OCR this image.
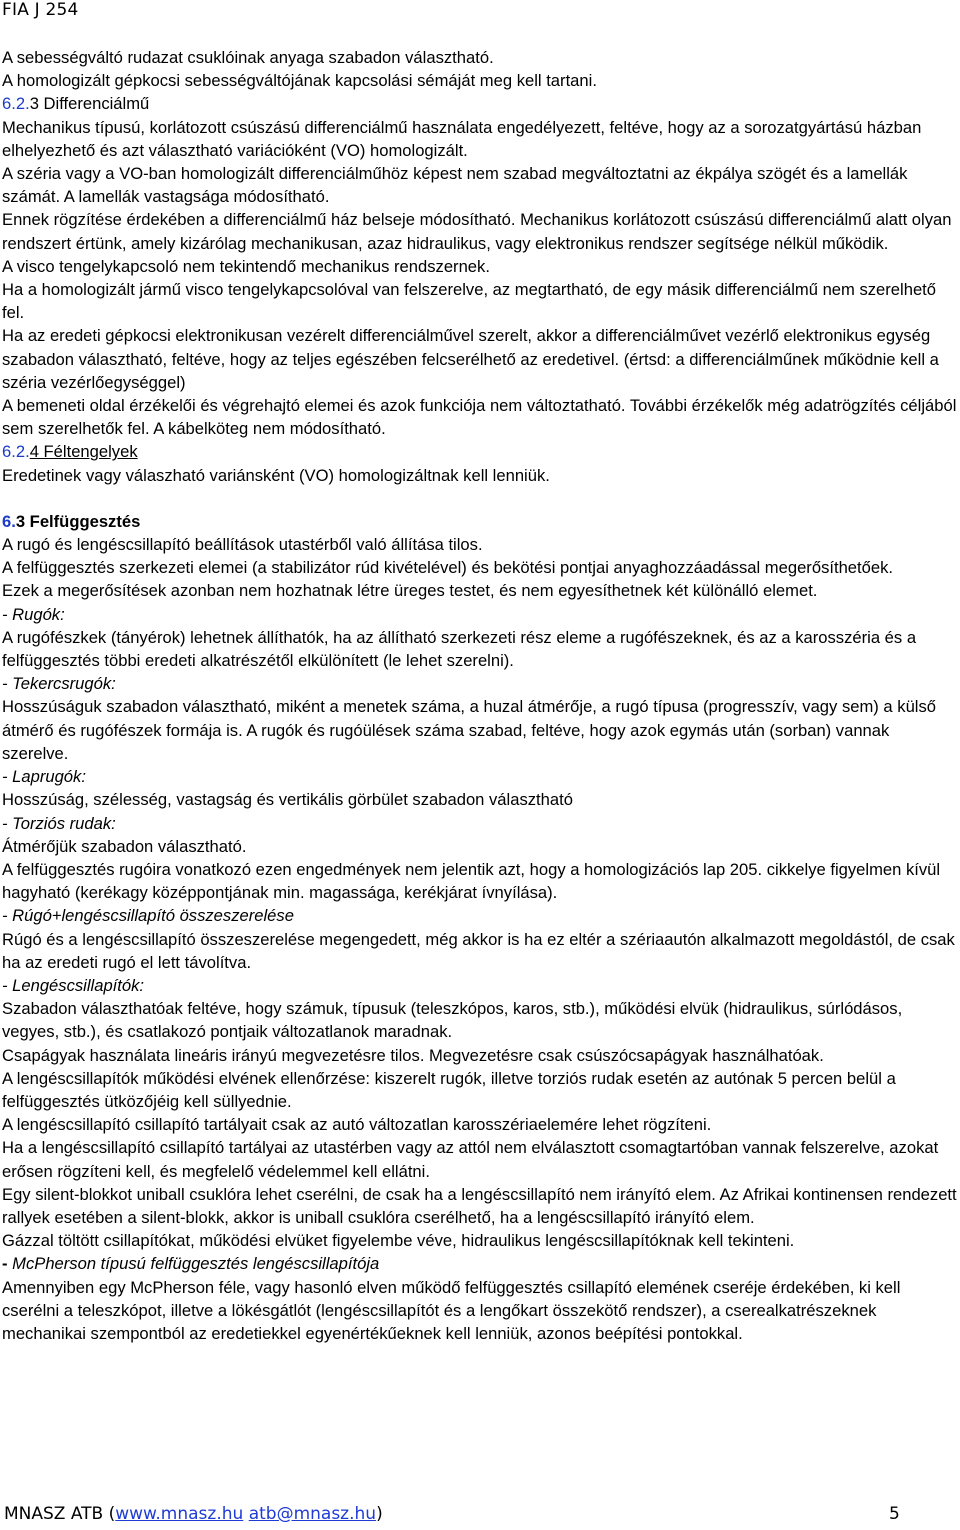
FIA J 254

A sebességváltó rudazat csuklóinak anyaga szabadon választható.

A homologizált gépkocsi sebességváltójának kapcsolási sémáját meg kell tartani.

6.2.3 Differenciálmű

Mechanikus típusú, korlátozott csúszású differenciálmű használata engedélyezett, feltéve, hogy az a sorozatgyártású házban elhelyezhető és azt választható variációként (VO) homologizált.

A széria vagy a VO-ban homologizált differenciálműhöz képest nem szabad megváltoztatni az ékpálya szögét és a lamellák számát. A lamellák vastagsága módosítható.

Ennek rögzítése érdekében a differenciálmű ház belseje módosítható. Mechanikus korlátozott csúszású differenciálmű alatt olyan rendszert értünk, amely kizárólag mechanikusan, azaz hidraulikus, vagy elektronikus rendszer segítsége nélkül működik.

A visco tengelykapcsoló nem tekintendő mechanikus rendszernek.

Ha a homologizált jármű visco tengelykapcsolóval van felszerelve, az megtartható, de egy másik differenciálmű nem szerelhető fel.

Ha az eredeti gépkocsi elektronikusan vezérelt differenciálművel szerelt, akkor a differenciálművet vezérlő elektronikus egység szabadon választható, feltéve, hogy az teljes egészében felcserélhető az eredetivel. (értsd: a differenciálműnek működnie kell a széria vezérlőegységgel)

A bemeneti oldal érzékelői és végrehajtó elemei és azok funkciója nem változtatható. További érzékelők még adatrögzítés céljából sem szerelhetők fel. A kábelköteg nem módosítható.

6.2.4 Féltengelyek

Eredetinek vagy válaszható variánsként (VO) homologizáltnak kell lenniük.

6.3 Felfüggesztés

A rugó és lengéscsillapító beállítások utastérből való állítása tilos.

A felfüggesztés szerkezeti elemei (a stabilizátor rúd kivételével) és bekötési pontjai anyaghozzáadással megerősíthetőek.

Ezek a megerősítések azonban nem hozhatnak létre üreges testet, és nem egyesíthetnek két különálló elemet.

- Rugók:

A rugófészkek (tányérok) lehetnek állíthatók, ha az állítható szerkezeti rész eleme a rugófészeknek, és az a karosszéria és a felfüggesztés többi eredeti alkatrészétől elkülönített (le lehet szerelni).

- Tekercsrugók:

Hosszúságuk szabadon választható, miként a menetek száma, a huzal átmérője, a rugó típusa (progresszív, vagy sem) a külső átmérő és rugófészek formája is. A rugók és rugóülések száma szabad, feltéve, hogy azok egymás után (sorban) vannak szerelve.

- Laprugók:

Hosszúság, szélesség, vastagság és vertikális görbület szabadon választható

- Torziós rudak:

Átmérőjük szabadon választható.

A felfüggesztés rugóira vonatkozó ezen engedmények nem jelentik azt, hogy a homologizációs lap 205. cikkelye figyelmen kívül hagyható (kerékagy középpontjának min. magassága, kerékjárat ívnyílása).

- Rúgó+lengéscsillapító összeszerelése

Rúgó és a lengéscsillapító összeszerelése megengedett, még akkor is ha ez eltér a szériaautón alkalmazott megoldástól, de csak ha az eredeti rugó el lett távolítva.

- Lengéscsillapítók:

Szabadon választhatóak feltéve, hogy számuk, típusuk (teleszkópos, karos, stb.), működési elvük (hidraulikus, súrlódásos, vegyes, stb.), és csatlakozó pontjaik változatlanok maradnak.

Csapágyak használata lineáris irányú megvezetésre tilos. Megvezetésre csak csúszócsapágyak használhatóak.

A lengéscsillapítók működési elvének ellenőrzése: kiszerelt rugók, illetve torziós rudak esetén az autónak 5 percen belül a felfüggesztés ütközőjéig kell süllyednie.

A lengéscsillapító csillapító tartályait csak az autó változatlan karosszériaelemére lehet rögzíteni.

Ha a lengéscsillapító csillapító tartályai az utastérben vagy az attól nem elválasztott csomagtartóban vannak felszerelve, azokat erősen rögzíteni kell, és megfelelő védelemmel kell ellátni.

Egy silent-blokkot uniball csuklóra lehet cserélni, de csak ha a lengéscsillapító nem irányító elem. Az Afrikai kontinensen rendezett rallyek esetében a silent-blokk, akkor is uniball csuklóra cserélhető, ha a lengéscsillapító irányító elem.

Gázzal töltött csillapítókat, működési elvüket figyelembe véve, hidraulikus lengéscsillapítóknak kell tekinteni.

- McPherson típusú felfüggesztés lengéscsillapítója

Amennyiben egy McPherson féle, vagy hasonló elven működő felfüggesztés csillapító elemének cseréje érdekében, ki kell cserélni a teleszkópot, illetve a lökésgátlót (lengéscsillapítót és a lengőkart összekötő rendszer), a cserealkatrészeknek mechanikai szempontból az eredetiekkel egyenértékűeknek kell lenniük, azonos beépítési pontokkal.

MNASZ ATB (www.mnasz.hu atb@mnasz.hu)	5
